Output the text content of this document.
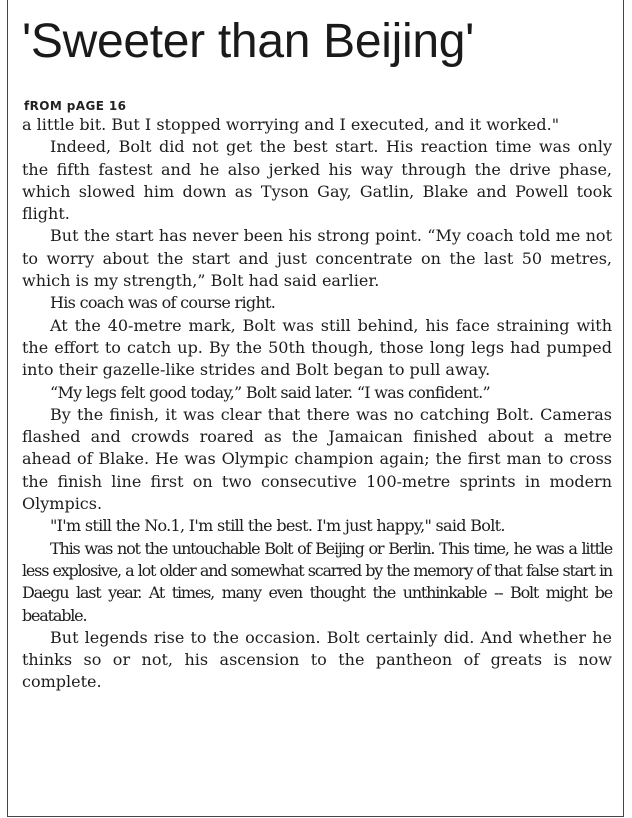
'Sweeter than Beijing'
fROM pAGE 16

a little bit. But I stopped worrying and I executed, and it worked."

Indeed, Bolt did not get the best start. His reaction time was only the fifth fastest and he also jerked his way through the drive phase, which slowed him down as Tyson Gay, Gatlin, Blake and Powell took flight.

But the start has never been his strong point. “My coach told me not to worry about the start and just concentrate on the last 50 metres, which is my strength,” Bolt had said earlier.

His coach was of course right.

At the 40-metre mark, Bolt was still behind, his face straining with the effort to catch up. By the 50th though, those long legs had pumped into their gazelle-like strides and Bolt began to pull away.

“My legs felt good today,” Bolt said later. “I was confident.”

By the finish, it was clear that there was no catching Bolt. Cameras flashed and crowds roared as the Jamaican finished about a metre ahead of Blake. He was Olympic champion again; the first man to cross the finish line first on two consecutive 100-metre sprints in modern Olympics.

"I'm still the No.1, I'm still the best. I'm just happy," said Bolt.

This was not the untouchable Bolt of Beijing or Berlin. This time, he was a little less explosive, a lot older and somewhat scarred by the memory of that false start in Daegu last year. At times, many even thought the unthinkable -- Bolt might be beatable.

But legends rise to the occasion. Bolt certainly did. And whether he thinks so or not, his ascension to the pantheon of greats is now complete.
